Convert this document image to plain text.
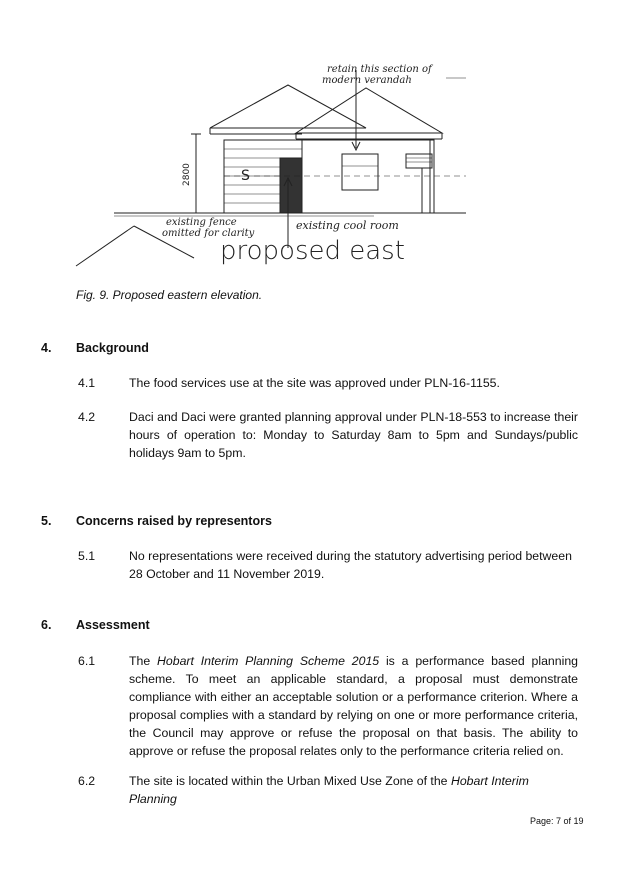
S
retain this section of
modern verandah
2800
existing fence
omitted for clarity
existing cool room
proposed east
Fig. 9. Proposed eastern elevation.
4. Background
4.1	The food services use at the site was approved under PLN-16-1155.
4.2	Daci and Daci were granted planning approval under PLN-18-553 to increase their hours of operation to: Monday to Saturday 8am to 5pm and Sundays/public holidays 9am to 5pm.
5. Concerns raised by representors
5.1	No representations were received during the statutory advertising period between 28 October and 11 November 2019.
6. Assessment
6.1	The Hobart Interim Planning Scheme 2015 is a performance based planning scheme. To meet an applicable standard, a proposal must demonstrate compliance with either an acceptable solution or a performance criterion. Where a proposal complies with a standard by relying on one or more performance criteria, the Council may approve or refuse the proposal on that basis. The ability to approve or refuse the proposal relates only to the performance criteria relied on.
6.2	The site is located within the Urban Mixed Use Zone of the Hobart Interim Planning
Page: 7 of 19
